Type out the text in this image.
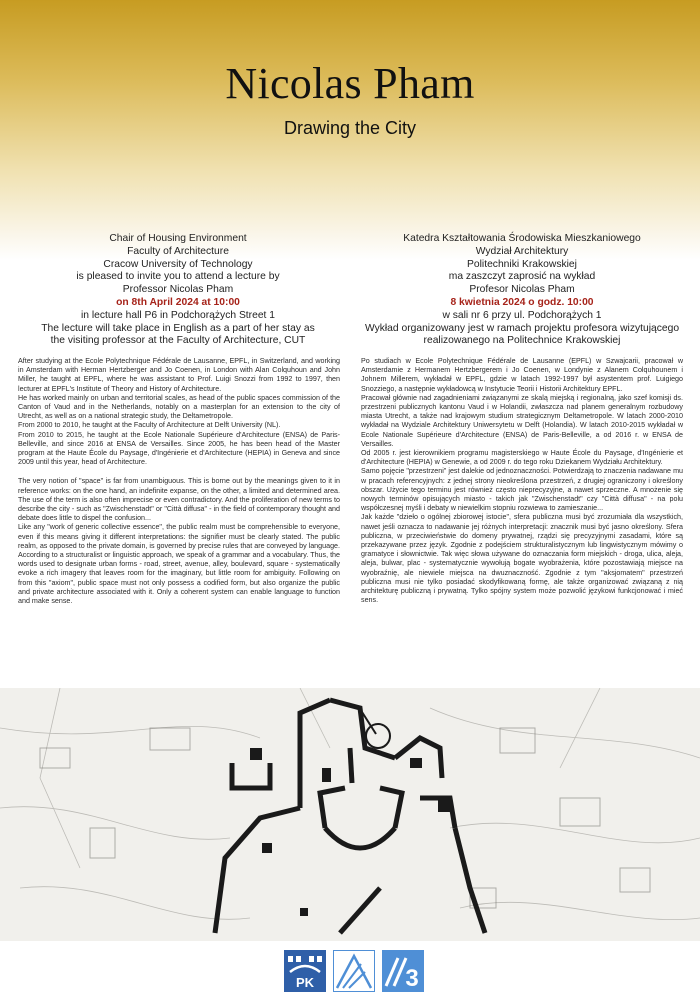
Nicolas Pham
Drawing the City
Chair of Housing Environment
Faculty of Architecture
Cracow University of Technology
is pleased to invite you to attend a lecture by
Professor Nicolas Pham
on 8th April 2024 at 10:00
in lecture hall P6 in Podchorążych Street 1
The lecture will take place in English as a part of her stay as
the visiting professor at the Faculty of Architecture, CUT
Katedra Kształtowania Środowiska Mieszkaniowego
Wydział Architektury
Politechniki Krakowskiej
ma zaszczyt zaprosić na wykład
Profesor Nicolas Pham
8 kwietnia 2024 o godz. 10:00
w sali nr 6 przy ul. Podchorążych 1
Wykład organizowany jest w ramach projektu profesora wizytującego
realizowanego na Politechnice Krakowskiej

After studying at the Ecole Polytechnique Fédérale de Lausanne, EPFL, in Switzerland, and working in Amsterdam with Herman Hertzberger and Jo Coenen, in London with Alan Colquhoun and John Miller, he taught at EPFL, where he was assistant to Prof. Luigi Snozzi from 1992 to 1997, then lecturer at EPFL's Institute of Theory and History of Architecture.

He has worked mainly on urban and territorial scales, as head of the public spaces commission of the Canton of Vaud and in the Netherlands, notably on a masterplan for an extension to the city of Utrecht, as well as on a national strategic study, the Deltametropole.

From 2000 to 2010, he taught at the Faculty of Architecture at Delft University (NL).

From 2010 to 2015, he taught at the Ecole Nationale Supérieure d'Architecture (ENSA) de Paris-Belleville, and since 2016 at ENSA de Versailles. Since 2005, he has been head of the Master program at the Haute École du Paysage, d'Ingénierie et d'Architecture (HEPIA) in Geneva and since 2009 until this year, head of Architecture.

The very notion of "space" is far from unambiguous. This is borne out by the meanings given to it in reference works: on the one hand, an indefinite expanse, on the other, a limited and determined area. The use of the term is also often imprecise or even contradictory. And the proliferation of new terms to describe the city - such as "Zwischenstadt" or "Città diffusa" - in the field of contemporary thought and debate does little to dispel the confusion...

Like any "work of generic collective essence", the public realm must be comprehensible to everyone, even if this means giving it different interpretations: the signifier must be clearly stated. The public realm, as opposed to the private domain, is governed by precise rules that are conveyed by language. According to a structuralist or linguistic approach, we speak of a grammar and a vocabulary. Thus, the words used to designate urban forms - road, street, avenue, alley, boulevard, square - systematically evoke a rich imagery that leaves room for the imaginary, but little room for ambiguity. Following on from this "axiom", public space must not only possess a codified form, but also organize the public and private architecture associated with it. Only a coherent system can enable language to function and make sense.

Po studiach w Ecole Polytechnique Fédérale de Lausanne (EPFL) w Szwajcarii, pracował w Amsterdamie z Hermanem Hertzbergerem i Jo Coenen, w Londynie z Alanem Colquhounem i Johnem Millerem, wykładał w EPFL, gdzie w latach 1992-1997 był asystentem prof. Luigiego Snozziego, a następnie wykładowcą w Instytucie Teorii i Historii Architektury EPFL.

Pracował głównie nad zagadnieniami związanymi ze skalą miejską i regionalną, jako szef komisji ds. przestrzeni publicznych kantonu Vaud i w Holandii, zwłaszcza nad planem generalnym rozbudowy miasta Utrecht, a także nad krajowym studium strategicznym Deltametropole. W latach 2000-2010 wykładał na Wydziale Architektury Uniwersytetu w Delft (Holandia). W latach 2010-2015 wykładał w Ecole Nationale Supérieure d'Architecture (ENSA) de Paris-Belleville, a od 2016 r. w ENSA de Versailles.

Od 2005 r. jest kierownikiem programu magisterskiego w Haute École du Paysage, d'Ingénierie et d'Architecture (HEPIA) w Genewie, a od 2009 r. do tego roku Dziekanem Wydziału Architektury.

Samo pojęcie "przestrzeni" jest dalekie od jednoznaczności. Potwierdzają to znaczenia nadawane mu w pracach referencyjnych: z jednej strony nieokreślona przestrzeń, z drugiej ograniczony i określony obszar. Użycie tego terminu jest również często nieprecyzyjne, a nawet sprzeczne. A mnożenie się nowych terminów opisujących miasto - takich jak "Zwischenstadt" czy "Città diffusa" - na polu współczesnej myśli i debaty w niewielkim stopniu rozwiewa to zamieszanie...

Jak każde "dzieło o ogólnej zbiorowej istocie", sfera publiczna musi być zrozumiała dla wszystkich, nawet jeśli oznacza to nadawanie jej różnych interpretacji: znacznik musi być jasno określony. Sfera publiczna, w przeciwieństwie do domeny prywatnej, rządzi się precyzyjnymi zasadami, które są przekazywane przez język. Zgodnie z podejściem strukturalistycznym lub lingwistycznym mówimy o gramatyce i słownictwie. Tak więc słowa używane do oznaczania form miejskich - droga, ulica, aleja, aleja, bulwar, plac - systematycznie wywołują bogate wyobrażenia, które pozostawiają miejsce na wyobraźnię, ale niewiele miejsca na dwuznaczność. Zgodnie z tym "aksjomatem" przestrzeń publiczna musi nie tylko posiadać skodyfikowaną formę, ale także organizować związaną z nią architekturę publiczną i prywatną. Tylko spójny system może pozwolić językowi funkcjonować i mieć sens.

PK	3
